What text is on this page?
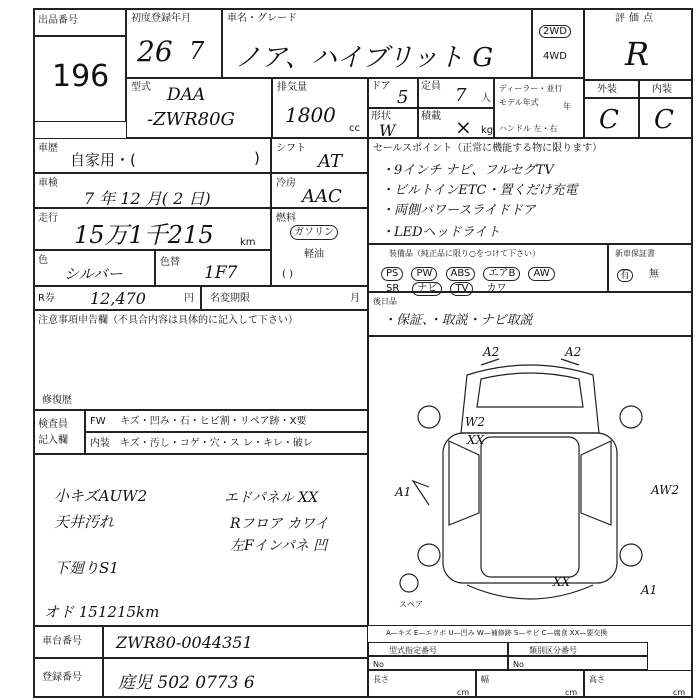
出品番号
196
初度登録年月
26 7
車名・グレード
ノア、ハイブリット G
2WD
4WD
評価点
R
外装	内装
C C
型式 DAA
-ZWR80G
排気量
1800
cc
ドア
5
定員 7 人
形状
W
積載 × kg
ディーラー・並行
モデル年式	年
ハンドル 左・右
車歴
自家用・(	)
シフト
AT
車検
7 年 12 月( 2 日)
冷房
AAC
走行
15万1千215	km
燃料
ガソリン
軽油
( )
色
シルバー
色替
1F7
R券 12,470	円 名変期限	月
注意事項申告欄（不具合内容は具体的に記入して下さい）
修復歴
検査員
記入欄
FW キズ・凹み・石・ヒビ割・リペア跡・X要
内装 キズ・汚し・コゲ・穴・ス レ・キレ・破レ
小キズAUW2
天井汚れ
下廻りS1
オド 151215km
エドパネル XX
Rフロア カワイ
左Fインパネ 凹
セールスポイント（正常に機能する物に限ります）
・9インチ ナビ、フルセグTV
・ビルトインETC・置くだけ充電
・両側パワースライドドア
・LEDヘッドライト
装備品（純正品に限り○をつけて下さい）
PS PW ABS エアB AW
SR ナビ TV カワ
新車保証書
有	無
後日品
・保証、・取説・ナビ取説
A2	A2
W2
XX
A1	AW2
XX
A1
スペア
車台番号 ZWR80-0044351
登録番号 庭児 502 0773 6
A—キズ E—エクボ U—凹み W—補修跡 S—サビ C—腐食 XX—要交換
型式指定番号	類別区分番号
No	No
長さ
cm
幅
cm
高さ
cm
